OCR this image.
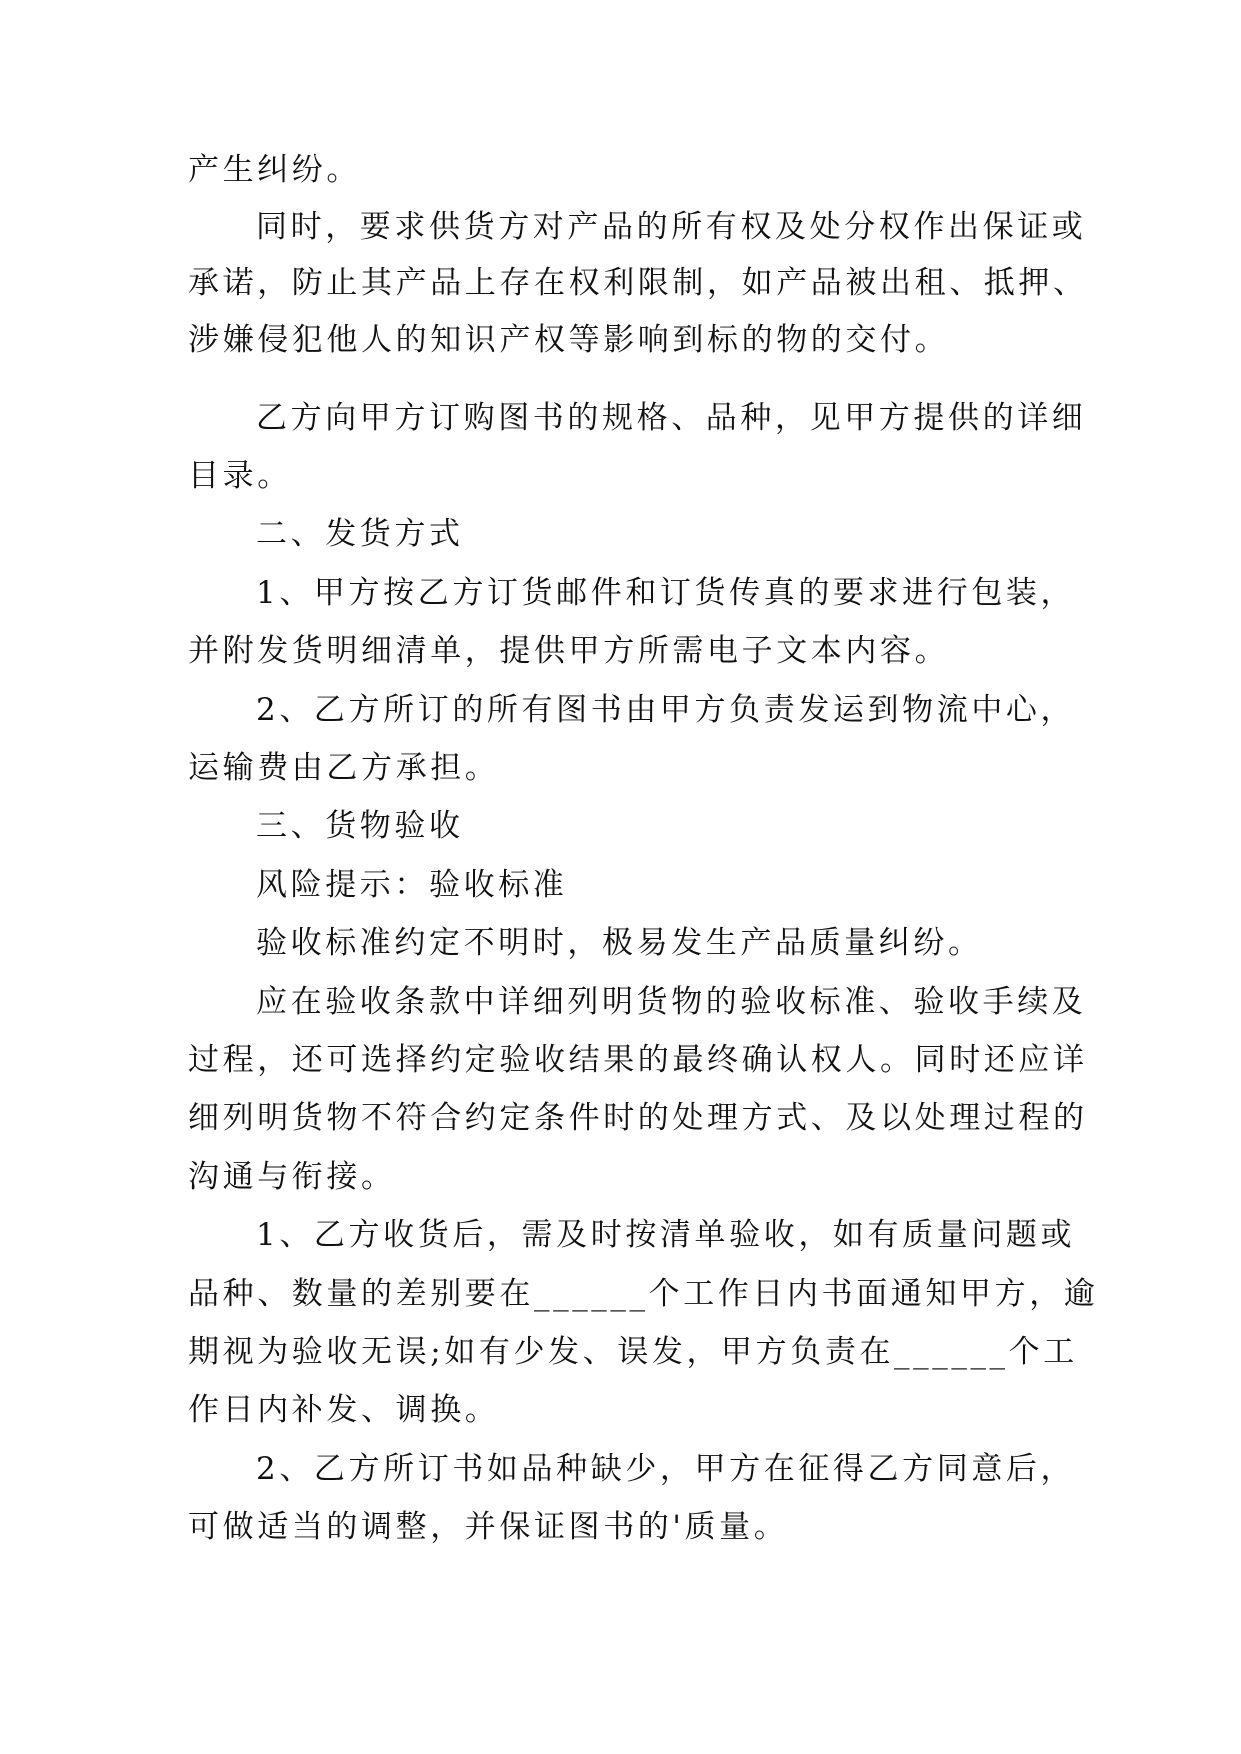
产生纠纷。
同时，要求供货方对产品的所有权及处分权作出保证或
承诺，防止其产品上存在权利限制，如产品被出租、抵押、
涉嫌侵犯他人的知识产权等影响到标的物的交付。
乙方向甲方订购图书的规格、品种，见甲方提供的详细
目录。
二、发货方式
1、甲方按乙方订货邮件和订货传真的要求进行包装，
并附发货明细清单，提供甲方所需电子文本内容。
2、乙方所订的所有图书由甲方负责发运到物流中心，
运输费由乙方承担。
三、货物验收
风险提示：验收标准
验收标准约定不明时，极易发生产品质量纠纷。
应在验收条款中详细列明货物的验收标准、验收手续及
过程，还可选择约定验收结果的最终确认权人。同时还应详
细列明货物不符合约定条件时的处理方式、及以处理过程的
沟通与衔接。
1、乙方收货后，需及时按清单验收，如有质量问题或
品种、数量的差别要在______个工作日内书面通知甲方，逾
期视为验收无误;如有少发、误发，甲方负责在______个工
作日内补发、调换。
2、乙方所订书如品种缺少，甲方在征得乙方同意后，
可做适当的调整，并保证图书的'质量。
